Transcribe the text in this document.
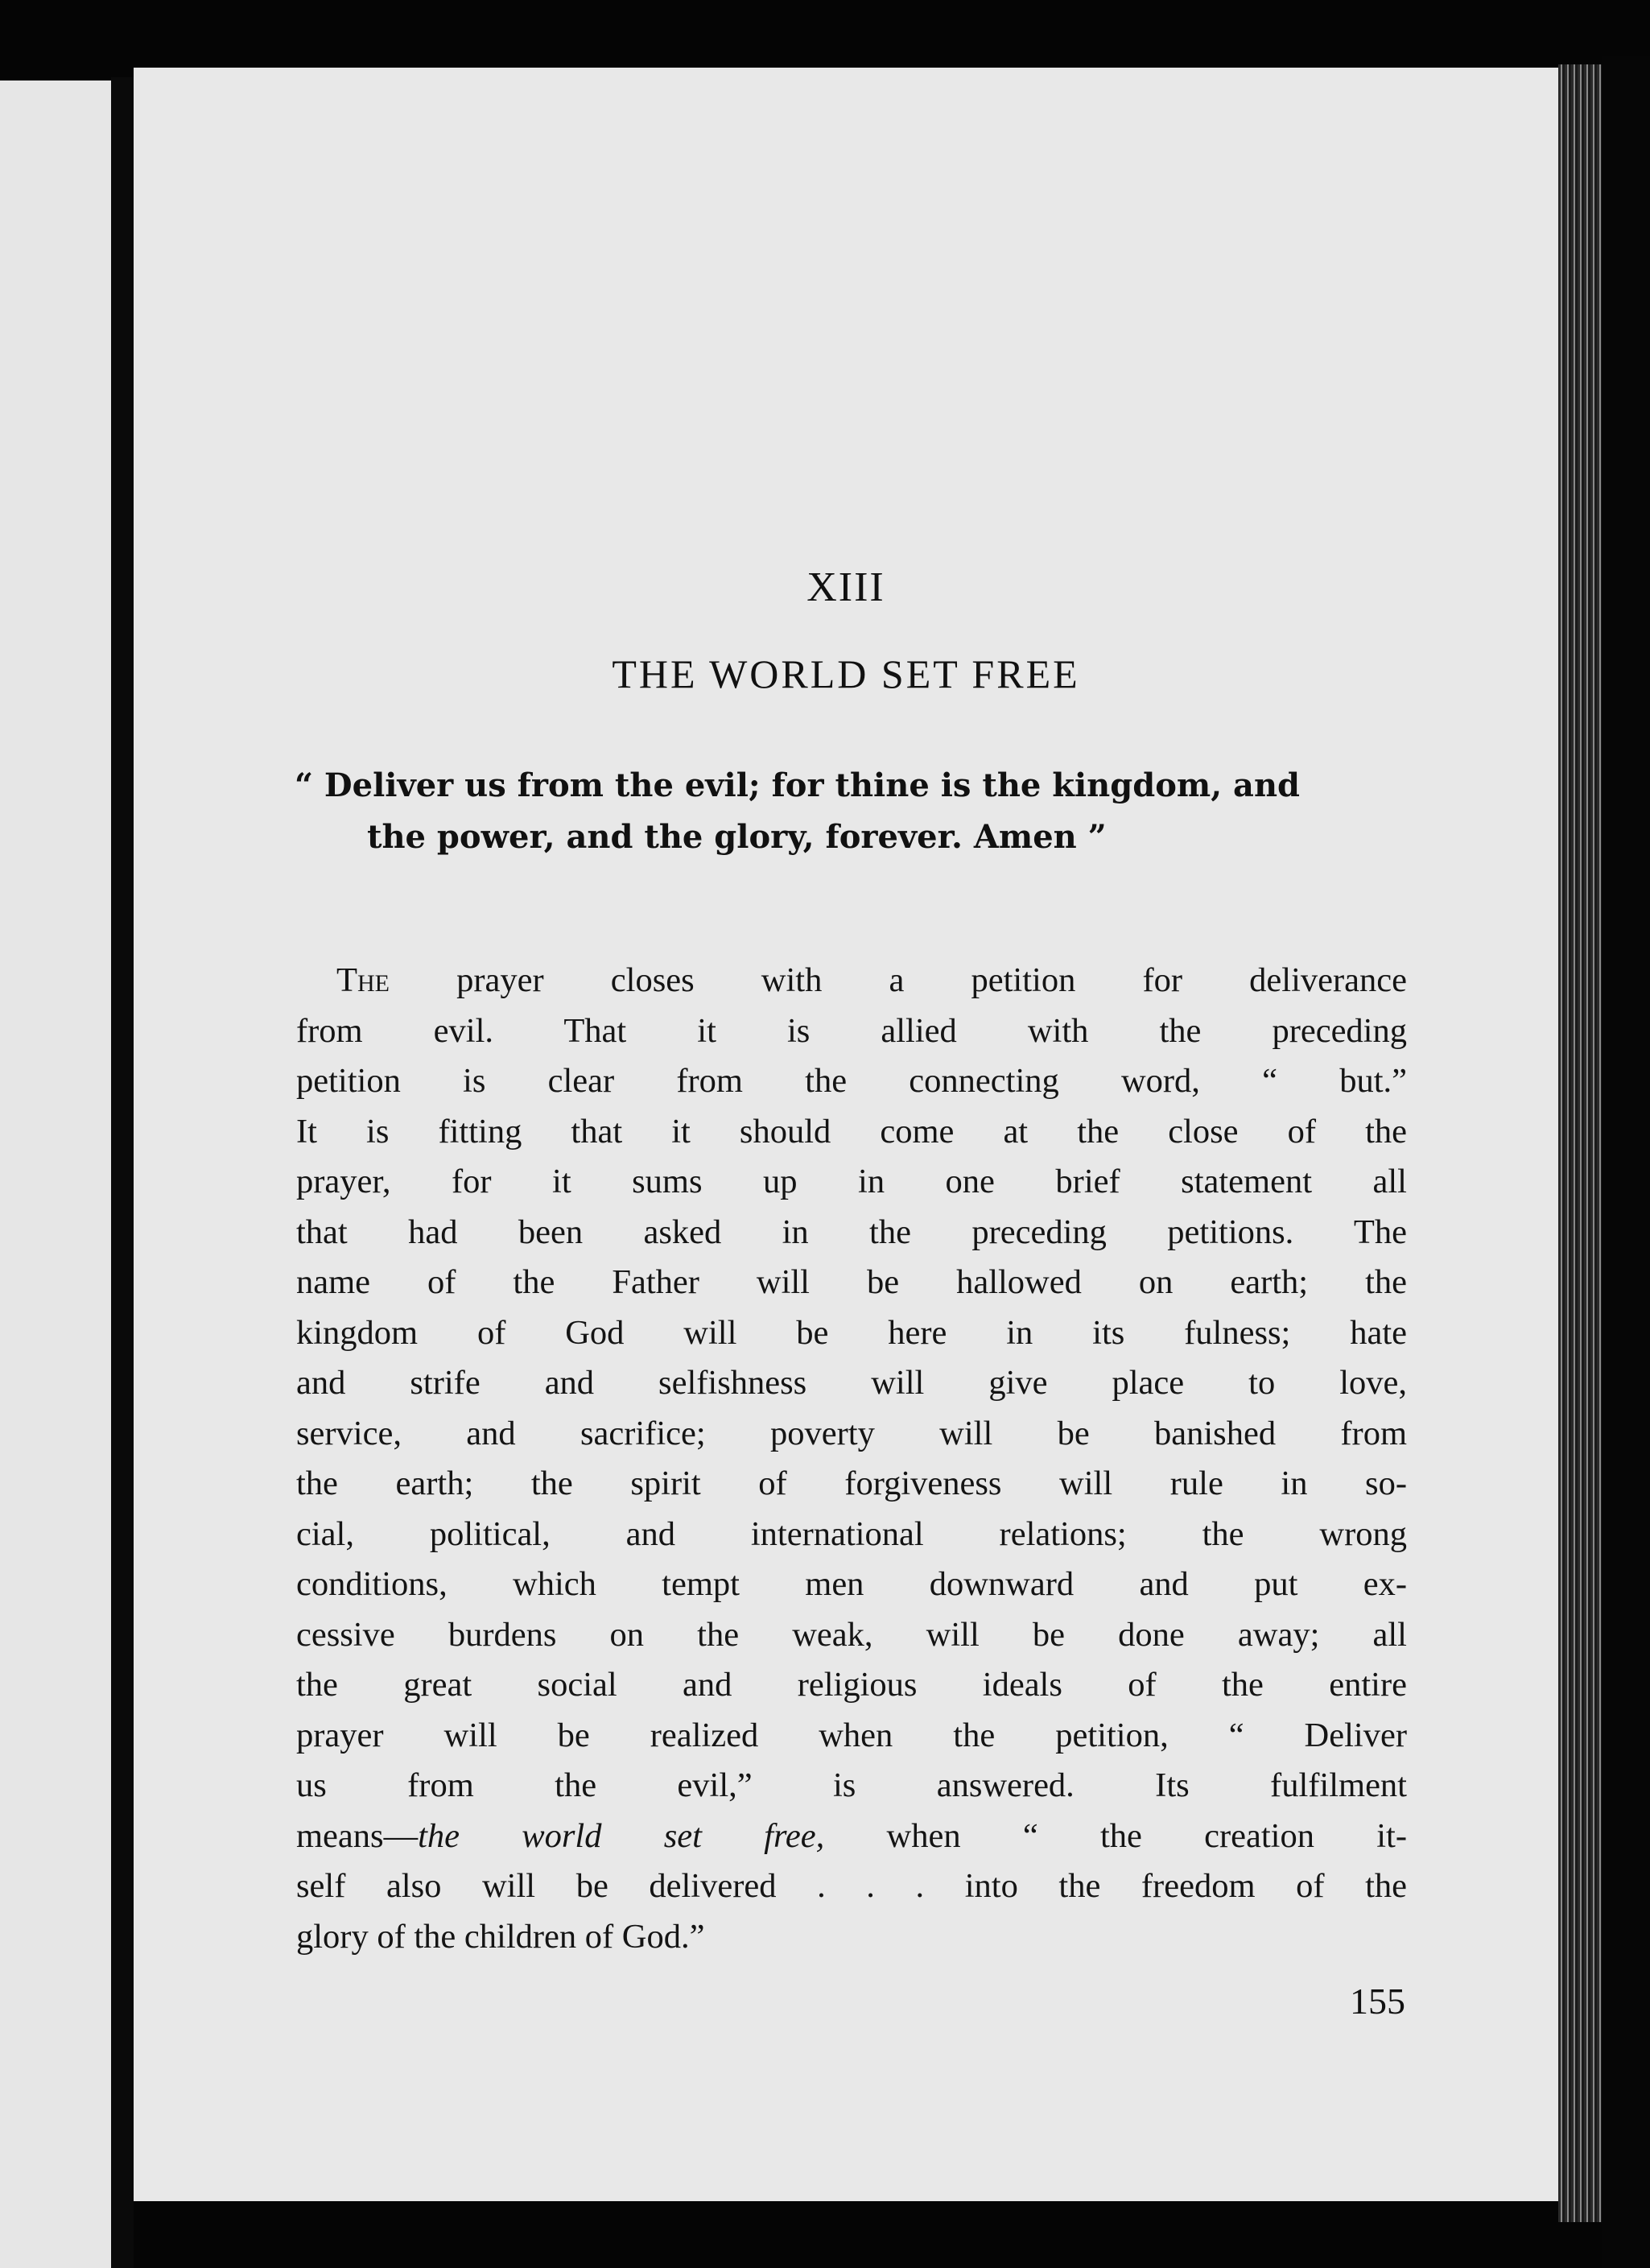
XIII
THE WORLD SET FREE
“ Deliver us from the evil; for thine is the kingdom, and
the power, and the glory, forever. Amen ”
The prayer closes with a petition for deliverance
from evil. That it is allied with the preceding
petition is clear from the connecting word, “ but.”
It is fitting that it should come at the close of the
prayer, for it sums up in one brief statement all
that had been asked in the preceding petitions. The
name of the Father will be hallowed on earth; the
kingdom of God will be here in its fulness; hate
and strife and selfishness will give place to love,
service, and sacrifice; poverty will be banished from
the earth; the spirit of forgiveness will rule in so-
cial, political, and international relations; the wrong
conditions, which tempt men downward and put ex-
cessive burdens on the weak, will be done away; all
the great social and religious ideals of the entire
prayer will be realized when the petition, “ Deliver
us from the evil,” is answered. Its fulfilment
means—the world set free, when “ the creation it-
self also will be delivered . . . into the freedom of the
glory of the children of God.”
155
